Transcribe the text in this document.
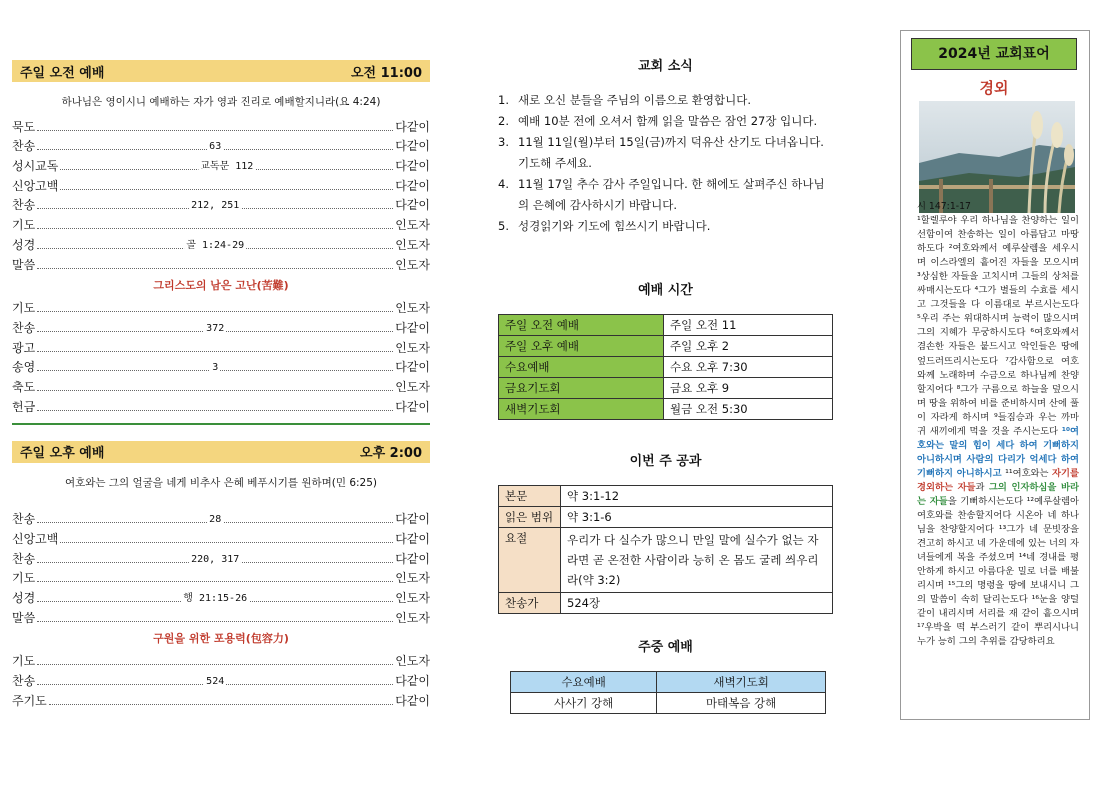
주일 오전 예배	오전 11:00
하나님은 영이시니 예배하는 자가 영과 진리로 예배할지니라(요 4:24)
묵도	다같이
찬송	63	다같이
성시교독	교독문 112	다같이
신앙고백	다같이
찬송	212, 251	다같이
기도	인도자
성경	골 1:24-29	인도자
말씀	인도자
그리스도의 남은 고난(苦難)
기도	인도자
찬송	372	다같이
광고	인도자
송영	3	다같이
축도	인도자
헌금	다같이
주일 오후 예배	오후 2:00
여호와는 그의 얼굴을 네게 비추사 은혜 베푸시기를 원하며(민 6:25)
찬송	28	다같이
신앙고백	다같이
찬송	220, 317	다같이
기도	인도자
성경	행 21:15-26	인도자
말씀	인도자
구원을 위한 포용력(包容力)
기도	인도자
찬송	524	다같이
주기도	다같이
교회 소식
1. 새로 오신 분들을 주님의 이름으로 환영합니다.
2. 예배 10분 전에 오셔서 함께 읽을 말씀은 잠언 27장 입니다.
3. 11월 11일(월)부터 15일(금)까지 덕유산 산기도 다녀옵니다. 기도해 주세요.
4. 11월 17일 추수 감사 주일입니다. 한 해에도 살펴주신 하나님의 은혜에 감사하시기 바랍니다.
5. 성경읽기와 기도에 힘쓰시기 바랍니다.
예배 시간
주일 오전 예배	주일 오전 11
주일 오후 예배	주일 오후 2
수요예배	수요 오후 7:30
금요기도회	금요 오후 9
새벽기도회	월금 오전 5:30
이번 주 공과
본문	약 3:1-12
읽은 범위	약 3:1-6
요절	우리가 다 실수가 많으니 만일 말에 실수가 없는 자라면 곧 온전한 사람이라 능히 온 몸도 굴레 씌우리라(약 3:2)
찬송가	524장
주중 예배
수요예배	새벽기도회
사사기 강해	마태복음 강해
2024년 교회표어
경외
시 147:1-17
¹할렐루야 우리 하나님을 찬양하는 일이 선함이여 찬송하는 일이 아름답고 마땅하도다 ²여호와께서 예루살렘을 세우시며 이스라엘의 흩어진 자들을 모으시며 ³상심한 자들을 고치시며 그들의 상처를 싸매시는도다 ⁴그가 별들의 수효를 세시고 그것들을 다 이름대로 부르시는도다 ⁵우리 주는 위대하시며 능력이 많으시며 그의 지혜가 무궁하시도다 ⁶여호와께서 겸손한 자들은 붙드시고 악인들은 땅에 엎드러뜨리시는도다 ⁷감사함으로 여호와께 노래하며 수금으로 하나님께 찬양할지어다 ⁸그가 구름으로 하늘을 덮으시며 땅을 위하여 비를 준비하시며 산에 풀이 자라게 하시며 ⁹들짐승과 우는 까마귀 새끼에게 먹을 것을 주시는도다 ¹⁰여호와는 말의 힘이 세다 하여 기뻐하지 아니하시며 사람의 다리가 억세다 하여 기뻐하지 아니하시고 ¹¹여호와는 자기를 경외하는 자들과 그의 인자하심을 바라는 자들을 기뻐하시는도다 ¹²예루살렘아 여호와를 찬송할지어다 시온아 네 하나님을 찬양할지어다 ¹³그가 네 문빗장을 견고히 하시고 네 가운데에 있는 너의 자녀들에게 복을 주셨으며 ¹⁴네 경내를 평안하게 하시고 아름다운 밀로 너를 배불리시며 ¹⁵그의 명령을 땅에 보내시니 그의 말씀이 속히 달리는도다 ¹⁶눈을 양털 같이 내리시며 서리를 재 같이 흩으시며 ¹⁷우박을 떡 부스러기 같이 뿌리시나니 누가 능히 그의 추위를 감당하리요
